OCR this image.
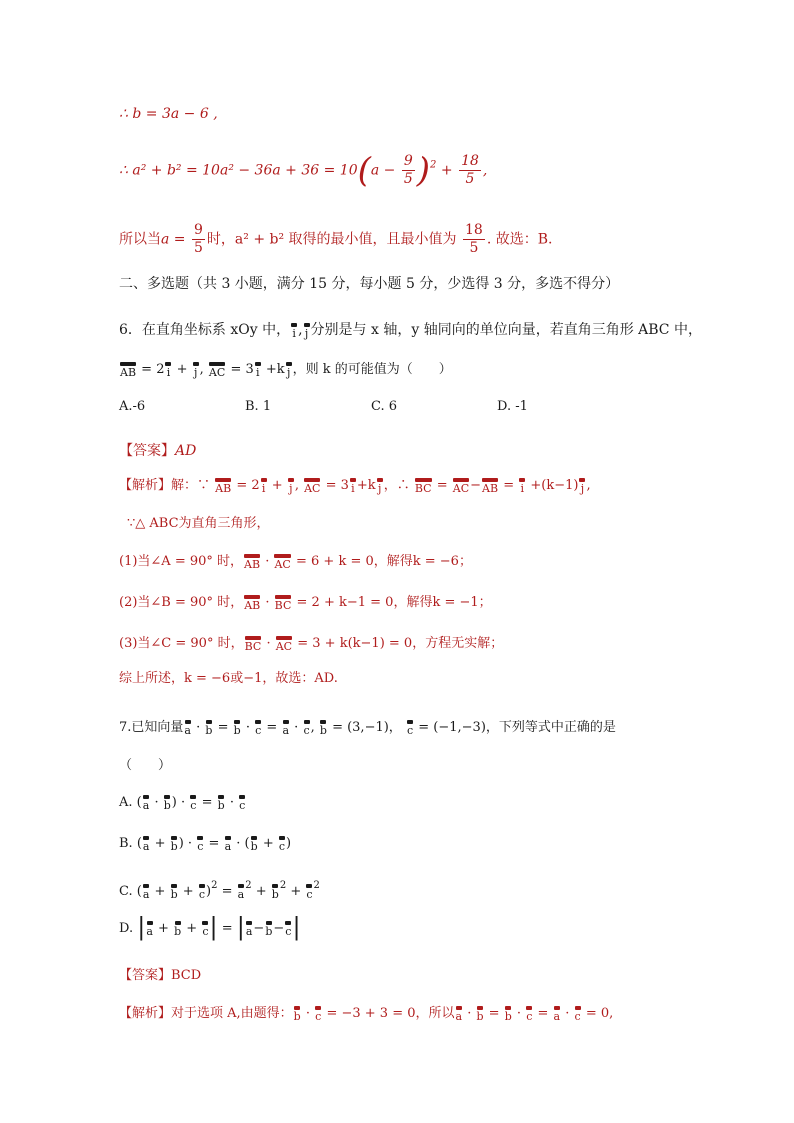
∴ b = 3a − 6 ,
∴ $a^2 + b^2 = 10a^2 - 36a + 36 = 10(a - \frac{9}{5} )^2 + \frac{18}{5}$ ,
所以当$a = \frac{9}{5}$ 时，a² + b² 取得的最小值，且最小值为 $\frac{18}{5}$ . 故选：B.
二、多选题（共 3 小题，满分 15 分，每小题 5 分，少选得 3 分，多选不得分）
6．在直角坐标系 xOy 中， i , j 分别是与 x 轴，y 轴同向的单位向量，若直角三角形 ABC 中，
AB = 2 i + j , AC = 3 i +k j ，则 k 的可能值为（　　）
A.-6	B. 1	C. 6	D. -1
【答案】AD
【解析】解：∵ AB = 2 i + j , AC = 3 i +k j ，∴ BC = AC−AB = i +(k−1) j ,
∵△ ABC为直角三角形，
(1)当∠A = 90° 时，AB · AC = 6 + k = 0，解得k = −6；
(2)当∠B = 90° 时，AB · BC = 2 + k−1 = 0，解得k = −1；
(3)当∠C = 90° 时，BC · AC = 3 + k(k−1) = 0，方程无实解；
综上所述，k = −6或−1，故选：AD.
7.已知向量a · b = b · c = a · c, b = (3,−1)， c = (−1,−3)，下列等式中正确的是
（　　）
A. (a · b) · c = b · c
B. (a + b) · c = a · (b + c)
C. $(a + b + c)^2 = a^2 + b^2 + c^2$
D. |a + b + c| = |a−b−c|
【答案】BCD
【解析】对于选项 A,由题得：b · c = −3 + 3 = 0，所以a · b = b · c = a · c = 0,
